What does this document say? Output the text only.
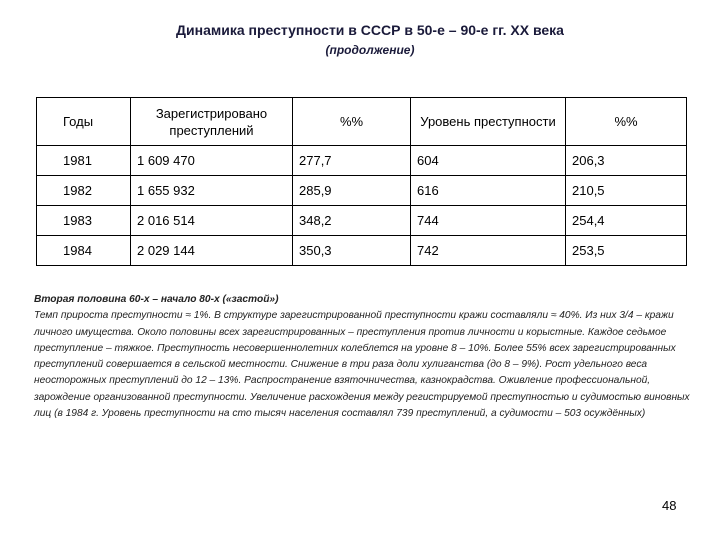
Динамика преступности в СССР в 50-е – 90-е гг. ХХ века
(продолжение)
Годы	Зарегистрировано преступлений	%%	Уровень преступности	%%
1981	1 609 470	277,7	604	206,3
1982	1 655 932	285,9	616	210,5
1983	2 016 514	348,2	744	254,4
1984	2 029 144	350,3	742	253,5

Вторая половина 60-х – начало 80-х («застой»)

Темп прироста преступности ≈ 1%. В структуре зарегистрированной преступности кражи составляли ≈ 40%. Из них 3/4 – кражи личного имущества. Около половины всех зарегистрированных – преступления против личности и корыстные. Каждое седьмое преступление – тяжкое. Преступность несовершеннолетних колеблется на уровне 8 – 10%. Более 55% всех зарегистрированных преступлений совершается в сельской местности. Снижение в три раза доли хулиганства (до 8 – 9%). Рост удельного веса неосторожных преступлений до 12 – 13%. Распространение взяточничества, казнокрадства. Оживление профессиональной, зарождение организованной преступности. Увеличение расхождения между регистрируемой преступностью и судимостью виновных лиц (в 1984 г. Уровень преступности на сто тысяч населения составлял 739 преступлений, а судимости – 503 осуждённых)

48
